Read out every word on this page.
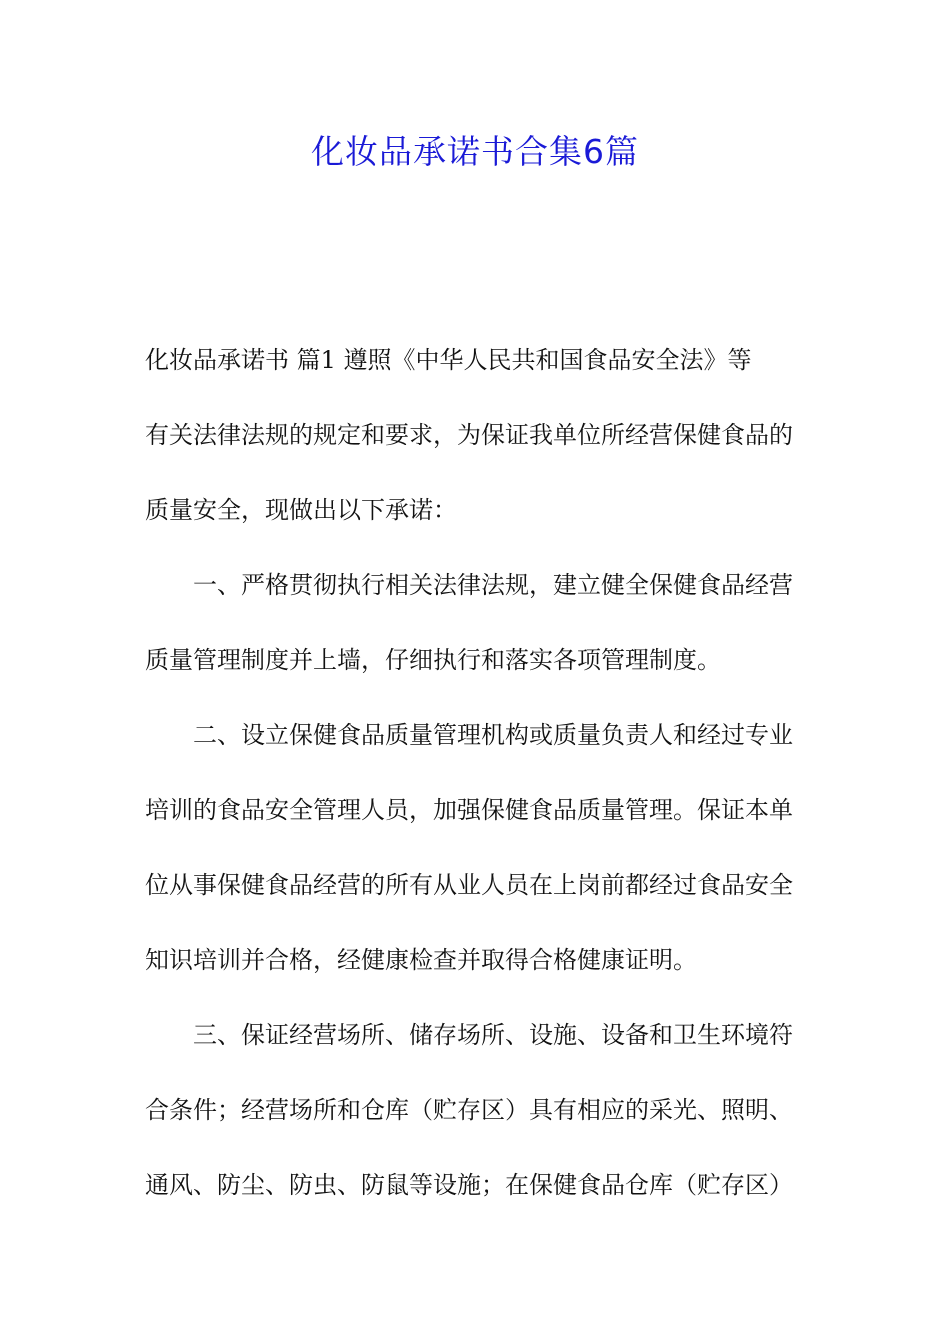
化妆品承诺书合集6篇
化妆品承诺书 篇1 遵照《中华人民共和国食品安全法》等
有关法律法规的规定和要求，为保证我单位所经营保健食品的
质量安全，现做出以下承诺：
一、严格贯彻执行相关法律法规，建立健全保健食品经营
质量管理制度并上墙，仔细执行和落实各项管理制度。
二、设立保健食品质量管理机构或质量负责人和经过专业
培训的食品安全管理人员，加强保健食品质量管理。保证本单
位从事保健食品经营的所有从业人员在上岗前都经过食品安全
知识培训并合格，经健康检查并取得合格健康证明。
三、保证经营场所、储存场所、设施、设备和卫生环境符
合条件；经营场所和仓库（贮存区）具有相应的采光、照明、
通风、防尘、防虫、防鼠等设施；在保健食品仓库（贮存区）
